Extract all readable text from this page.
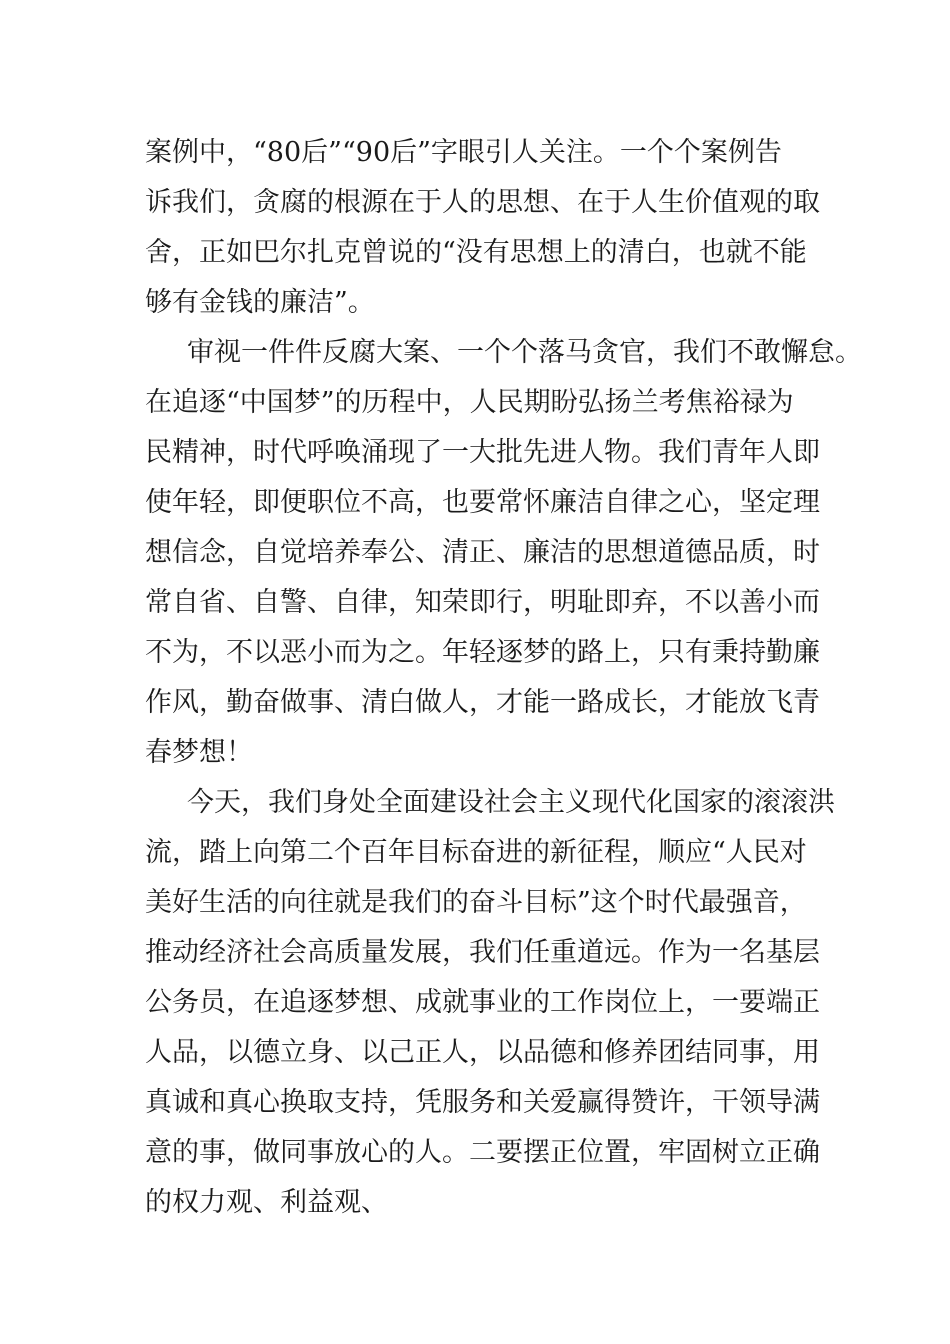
案例中，“80后”“90后”字眼引人关注。一个个案例告
诉我们，贪腐的根源在于人的思想、在于人生价值观的取
舍，正如巴尔扎克曾说的“没有思想上的清白，也就不能
够有金钱的廉洁”。
审视一件件反腐大案、一个个落马贪官，我们不敢懈怠。
在追逐“中国梦”的历程中，人民期盼弘扬兰考焦裕禄为
民精神，时代呼唤涌现了一大批先进人物。我们青年人即
使年轻，即便职位不高，也要常怀廉洁自律之心，坚定理
想信念，自觉培养奉公、清正、廉洁的思想道德品质，时
常自省、自警、自律，知荣即行，明耻即弃，不以善小而
不为，不以恶小而为之。年轻逐梦的路上，只有秉持勤廉
作风，勤奋做事、清白做人，才能一路成长，才能放飞青
春梦想！
今天，我们身处全面建设社会主义现代化国家的滚滚洪
流，踏上向第二个百年目标奋进的新征程，顺应“人民对
美好生活的向往就是我们的奋斗目标”这个时代最强音，
推动经济社会高质量发展，我们任重道远。作为一名基层
公务员，在追逐梦想、成就事业的工作岗位上，一要端正
人品，以德立身、以己正人，以品德和修养团结同事，用
真诚和真心换取支持，凭服务和关爱赢得赞许，干领导满
意的事，做同事放心的人。二要摆正位置，牢固树立正确
的权力观、利益观、
